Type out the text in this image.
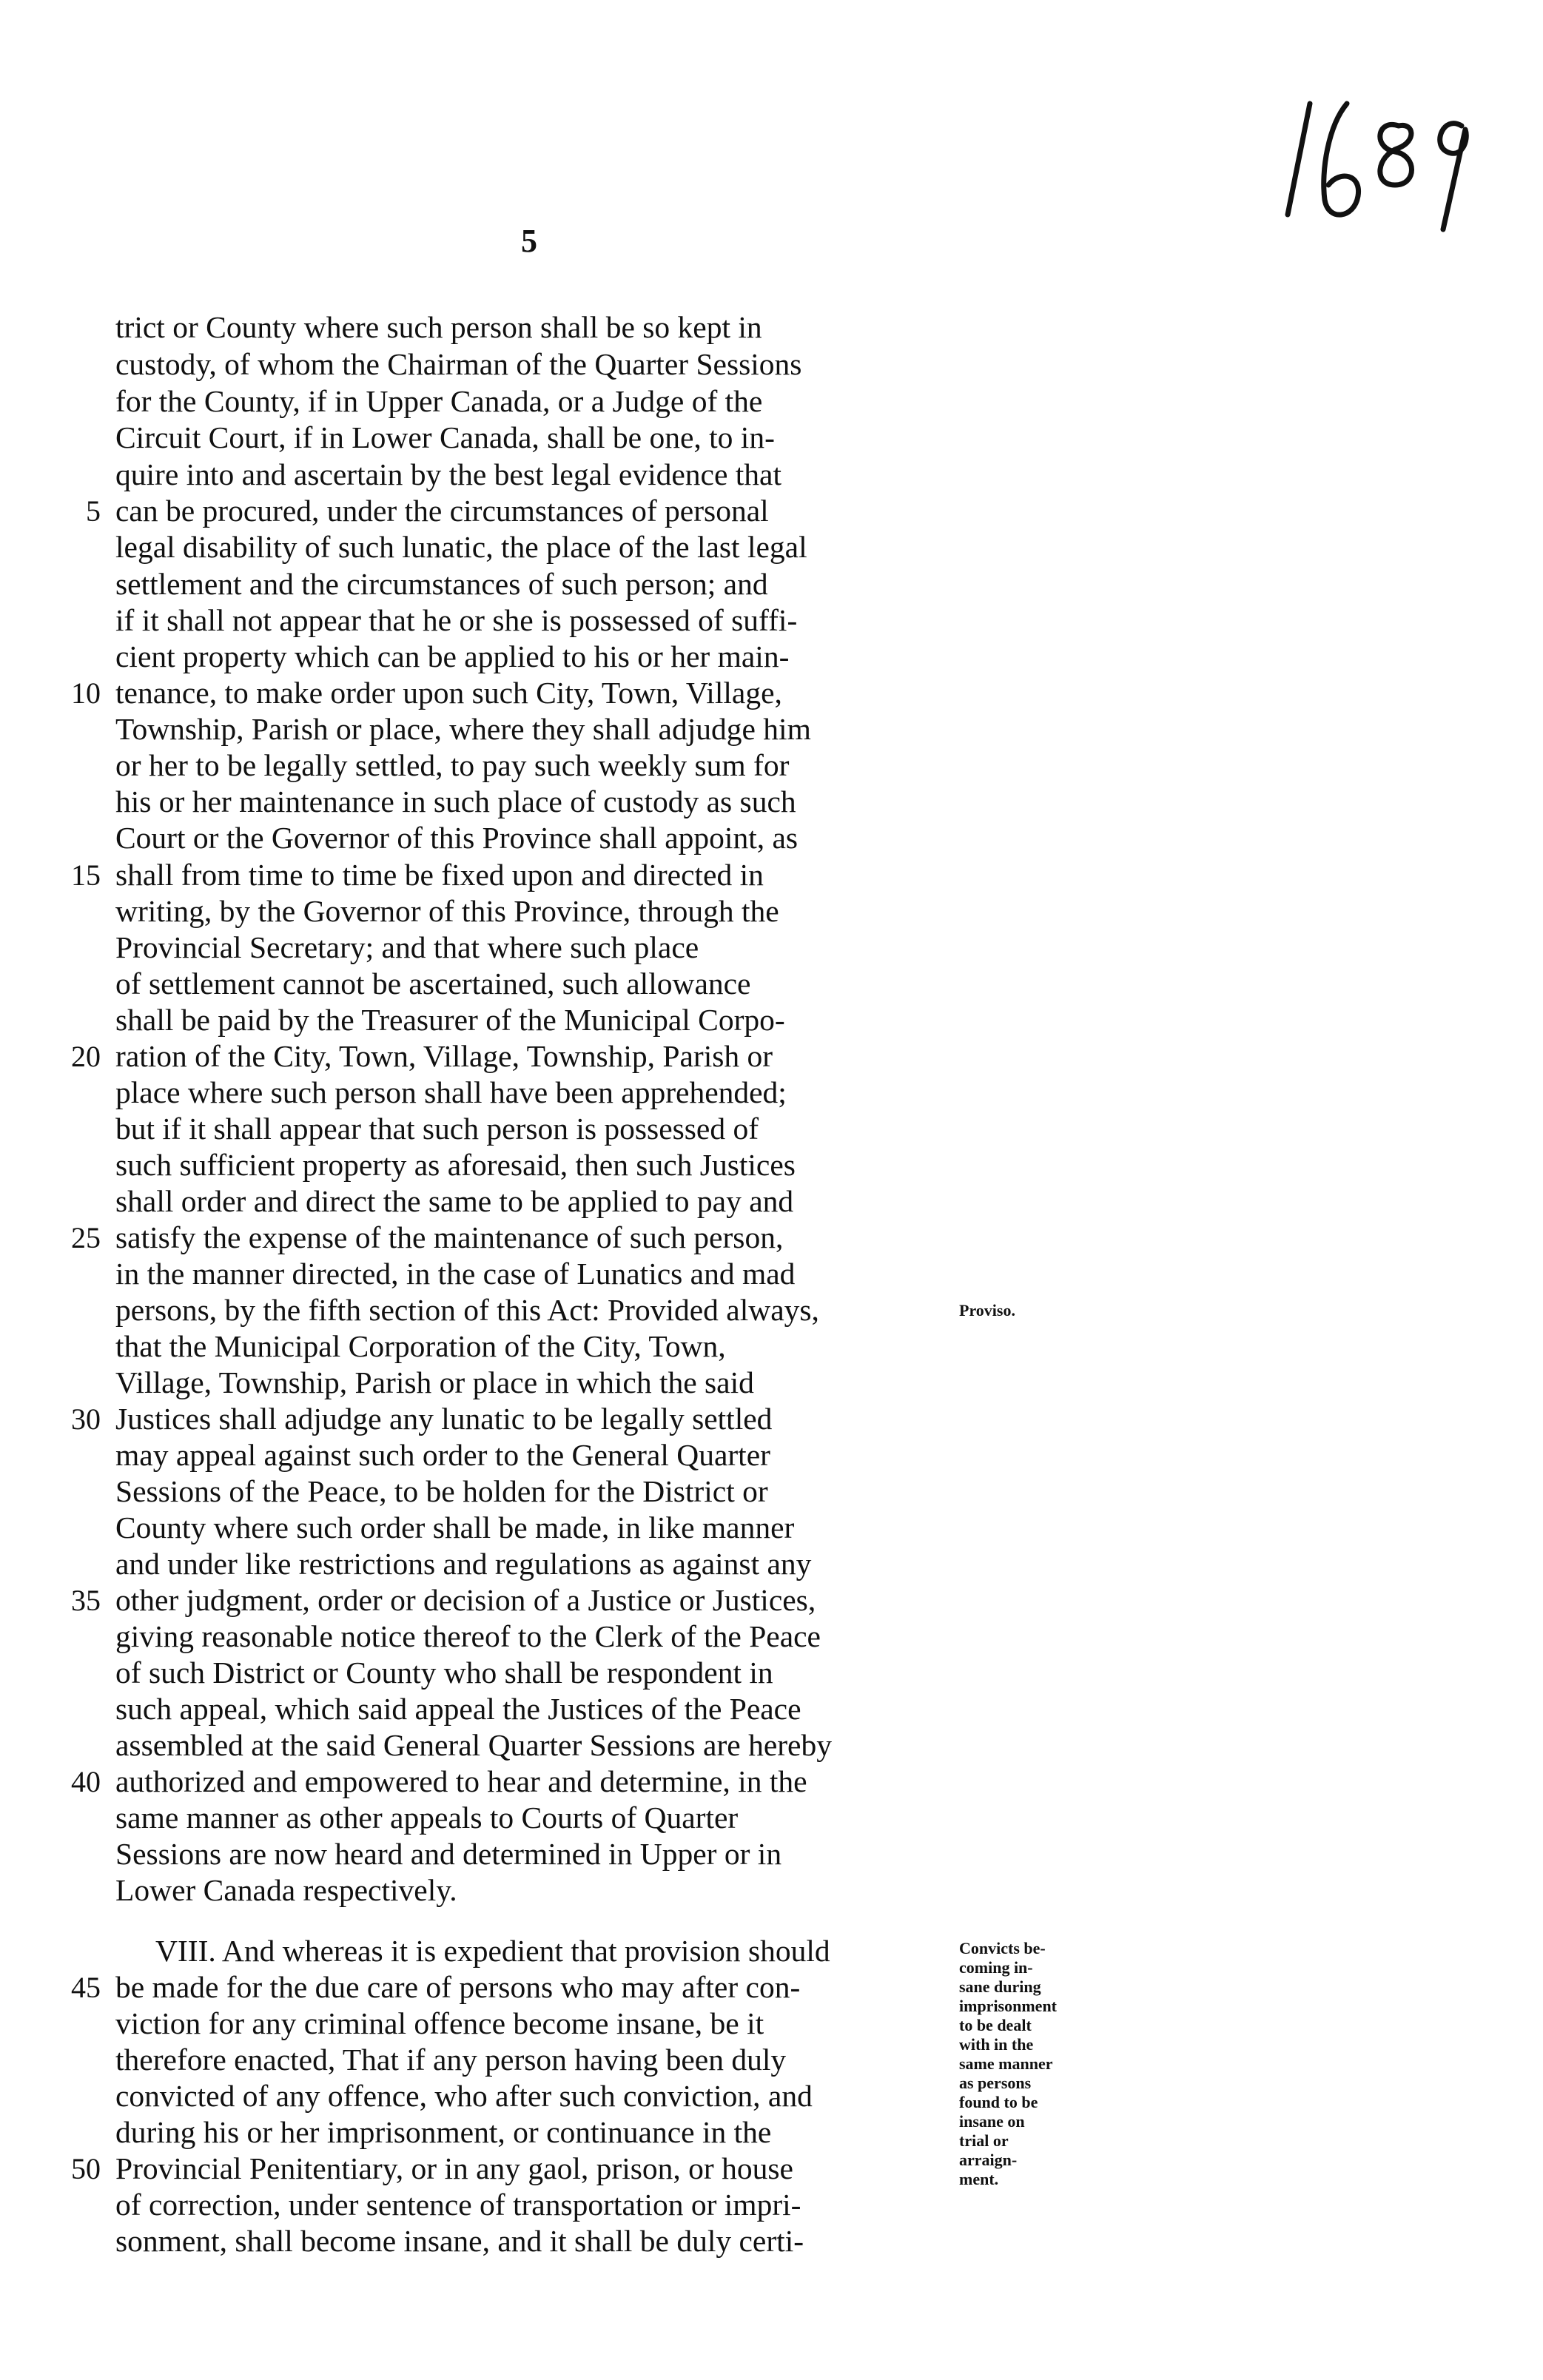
5
trict or County where such person shall be so kept in
custody, of whom the Chairman of the Quarter Sessions
for the County, if in Upper Canada, or a Judge of the
Circuit Court, if in Lower Canada, shall be one, to in-
quire into and ascertain by the best legal evidence that
can be procured, under the circumstances of personal
legal disability of such lunatic, the place of the last legal
settlement and the circumstances of such person; and
if it shall not appear that he or she is possessed of suffi-
cient property which can be applied to his or her main-
tenance, to make order upon such City, Town, Village,
Township, Parish or place, where they shall adjudge him
or her to be legally settled, to pay such weekly sum for
his or her maintenance in such place of custody as such
Court or the Governor of this Province shall appoint, as
shall from time to time be fixed upon and directed in
writing, by the Governor of this Province, through the
Provincial Secretary; and that where such place
of settlement cannot be ascertained, such allowance
shall be paid by the Treasurer of the Municipal Corpo-
ration of the City, Town, Village, Township, Parish or
place where such person shall have been apprehended;
but if it shall appear that such person is possessed of
such sufficient property as aforesaid, then such Justices
shall order and direct the same to be applied to pay and
satisfy the expense of the maintenance of such person,
in the manner directed, in the case of Lunatics and mad
persons, by the fifth section of this Act: Provided always,
that the Municipal Corporation of the City, Town,
Village, Township, Parish or place in which the said
Justices shall adjudge any lunatic to be legally settled
may appeal against such order to the General Quarter
Sessions of the Peace, to be holden for the District or
County where such order shall be made, in like manner
and under like restrictions and regulations as against any
other judgment, order or decision of a Justice or Justices,
giving reasonable notice thereof to the Clerk of the Peace
of such District or County who shall be respondent in
such appeal, which said appeal the Justices of the Peace
assembled at the said General Quarter Sessions are hereby
authorized and empowered to hear and determine, in the
same manner as other appeals to Courts of Quarter
Sessions are now heard and determined in Upper or in
Lower Canada respectively.
VIII. And whereas it is expedient that provision should
be made for the due care of persons who may after con-
viction for any criminal offence become insane, be it
therefore enacted, That if any person having been duly
convicted of any offence, who after such conviction, and
during his or her imprisonment, or continuance in the
Provincial Penitentiary, or in any gaol, prison, or house
of correction, under sentence of transportation or impri-
sonment, shall become insane, and it shall be duly certi-
5
10
15
20
25
30
35
40
45
50
Proviso.
Convicts be-
coming in-
sane during
imprisonment
to be dealt
with in the
same manner
as persons
found to be
insane on
trial or
arraign-
ment.
